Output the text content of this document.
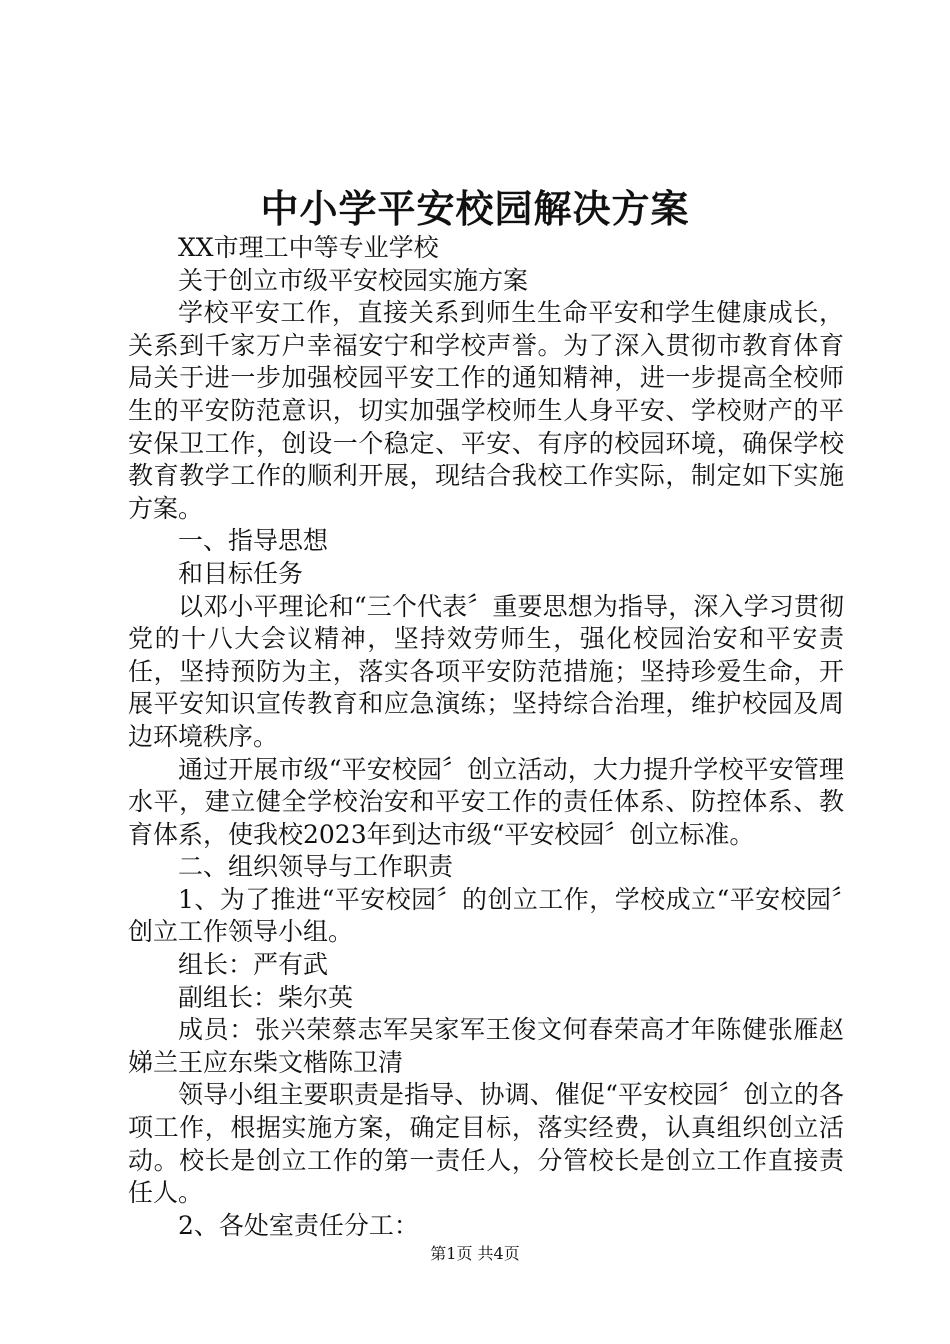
中小学平安校园解决方案

XX市理工中等专业学校

关于创立市级平安校园实施方案

学校平安工作，直接关系到师生生命平安和学生健康成长，关系到千家万户幸福安宁和学校声誉。为了深入贯彻市教育体育局关于进一步加强校园平安工作的通知精神，进一步提高全校师生的平安防范意识，切实加强学校师生人身平安、学校财产的平安保卫工作，创设一个稳定、平安、有序的校园环境，确保学校教育教学工作的顺利开展，现结合我校工作实际，制定如下实施方案。

一、指导思想

和目标任务

以邓小平理论和“三个代表〞重要思想为指导，深入学习贯彻党的十八大会议精神，坚持效劳师生，强化校园治安和平安责任，坚持预防为主，落实各项平安防范措施；坚持珍爱生命，开展平安知识宣传教育和应急演练；坚持综合治理，维护校园及周边环境秩序。

通过开展市级“平安校园〞创立活动，大力提升学校平安管理水平，建立健全学校治安和平安工作的责任体系、防控体系、教育体系，使我校2023年到达市级“平安校园〞创立标准。

二、组织领导与工作职责

1、为了推进“平安校园〞的创立工作，学校成立“平安校园〞创立工作领导小组。

组长：严有武

副组长：柴尔英

成员：张兴荣蔡志军吴家军王俊文何春荣高才年陈健张雁赵娣兰王应东柴文楷陈卫清

领导小组主要职责是指导、协调、催促“平安校园〞创立的各项工作，根据实施方案，确定目标，落实经费，认真组织创立活动。校长是创立工作的第一责任人，分管校长是创立工作直接责任人。

2、各处室责任分工：

第1页 共4页
